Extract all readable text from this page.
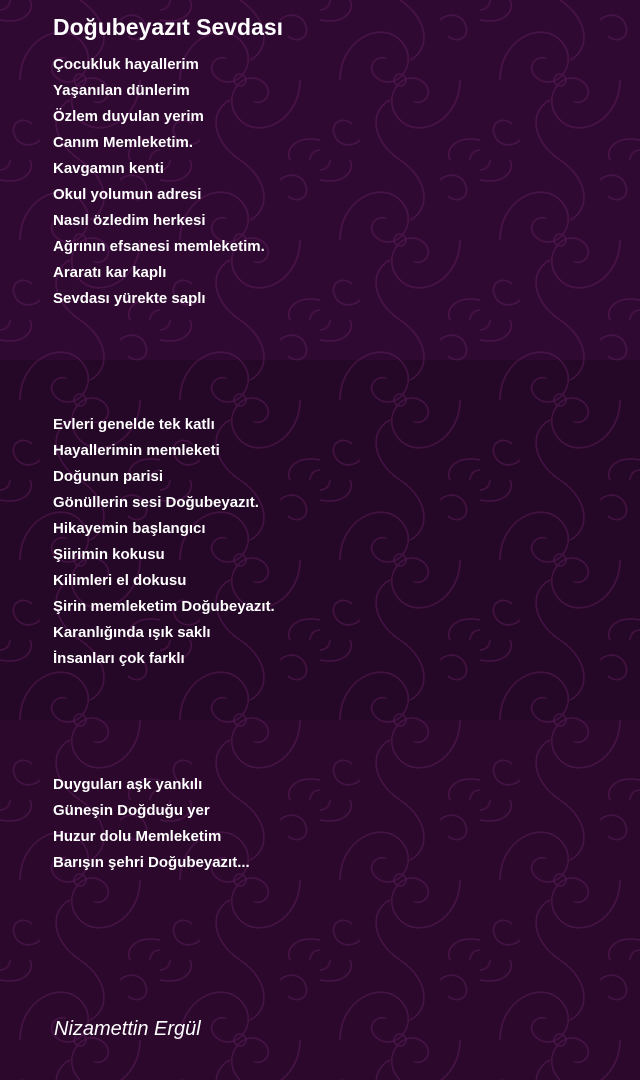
Doğubeyazıt Sevdası
Çocukluk hayallerim
Yaşanılan dünlerim
Özlem duyulan yerim
Canım Memleketim.
Kavgamın kenti
Okul yolumun adresi
Nasıl özledim herkesi
Ağrının efsanesi memleketim.
Araratı kar kaplı
Sevdası yürekte saplı
Evleri genelde tek katlı
Hayallerimin memleketi
Doğunun parisi
Gönüllerin sesi Doğubeyazıt.
Hikayemin başlangıcı
Şiirimin kokusu
Kilimleri el dokusu
Şirin memleketim Doğubeyazıt.
Karanlığında ışık saklı
İnsanları çok farklı
Duyguları aşk yankılı
Güneşin Doğduğu yer
Huzur dolu Memleketim
Barışın şehri Doğubeyazıt...
Nizamettin Ergül
